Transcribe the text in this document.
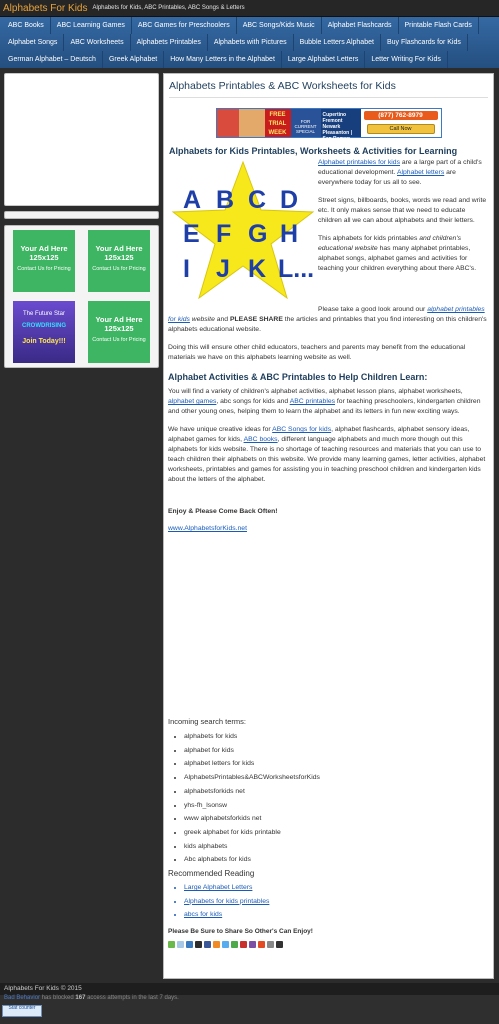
Alphabets For Kids Alphabets for Kids, ABC Printables, ABC Songs & Letters
ABC Books	ABC Learning Games	ABC Games for Preschoolers	ABC Songs/Kids Music	Alphabet Flashcards	Printable Flash Cards
Alphabet Songs	ABC Worksheets	Alphabets Printables	Alphabets with Pictures	Bubble Letters Alphabet	Buy Flashcards for Kids
German Alphabet – Deutsch	Greek Alphabet	How Many Letters in the Alphabet	Large Alphabet Letters	Letter Writing For Kids
Your Ad Here 125x125
Contact Us for Pricing
Your Ad Here 125x125
Contact Us for Pricing
The Future Star
CROWDRISING
Join Today!!!
Your Ad Here 125x125
Contact Us for Pricing
Alphabets Printables & ABC Worksheets for Kids
FREE TRIAL WEEK
FOR CURRENT SPECIAL
Cupertino
Fremont
Newark
Pleasanton | San Ramon
(877) 762-8979
Call Now
Alphabets for Kids Printables, Worksheets & Activities for Learning
A B C D
E F G H
I J K L...

Alphabet printables for kids are a large part of a child's educational development. Alphabet letters are everywhere today for us all to see.

Street signs, billboards, books, words we read and write etc. It only makes sense that we need to educate children all we can about alphabets and their letters.

This alphabets for kids printables and children's educational website has many alphabet printables, alphabet songs, alphabet games and activities for teaching your children everything about there ABC's.

Please take a good look around our alphabet printables for kids website and PLEASE SHARE the articles and printables that you find interesting on this children's alphabets educational website.

Doing this will ensure other child educators, teachers and parents may benefit from the educational materials we have on this alphabets learning website as well.

Alphabet Activities & ABC Printables to Help Children Learn:

You will find a variety of children's alphabet activities, alphabet lesson plans, alphabet worksheets, alphabet games, abc songs for kids and ABC printables for teaching preschoolers, kindergarten children and other young ones, helping them to learn the alphabet and its letters in fun new exciting ways.

We have unique creative ideas for ABC Songs for kids, alphabet flashcards, alphabet sensory ideas, alphabet games for kids, ABC books, different language alphabets and much more though out this alphabets for kids website. There is no shortage of teaching resources and materials that you can use to teach children their alphabets on this website. We provide many learning games, letter activities, alphabet worksheets, printables and games for assisting you in teaching preschool children and kindergarten kids about the letters of the alphabet.

Enjoy & Please Come Back Often!

www.AlphabetsforKids.net

Incoming search terms:

• alphabets for kids
• alphabet for kids
• alphabet letters for kids
• AlphabetsPrintables&ABCWorksheetsforKids
• alphabetsforkids net
• yhs-fh_lsonsw
• www alphabetsforkids net
• greek alphabet for kids printable
• kids alphabets
• Abc alphabets for kids

Recommended Reading

• Large Alphabet Letters
• Alphabets for kids printables
• abcs for kids

Please Be Sure to Share So Other's Can Enjoy!

Alphabets For Kids © 2015
Bad Behavior has blocked 167 access attempts in the last 7 days.
Stat counter
